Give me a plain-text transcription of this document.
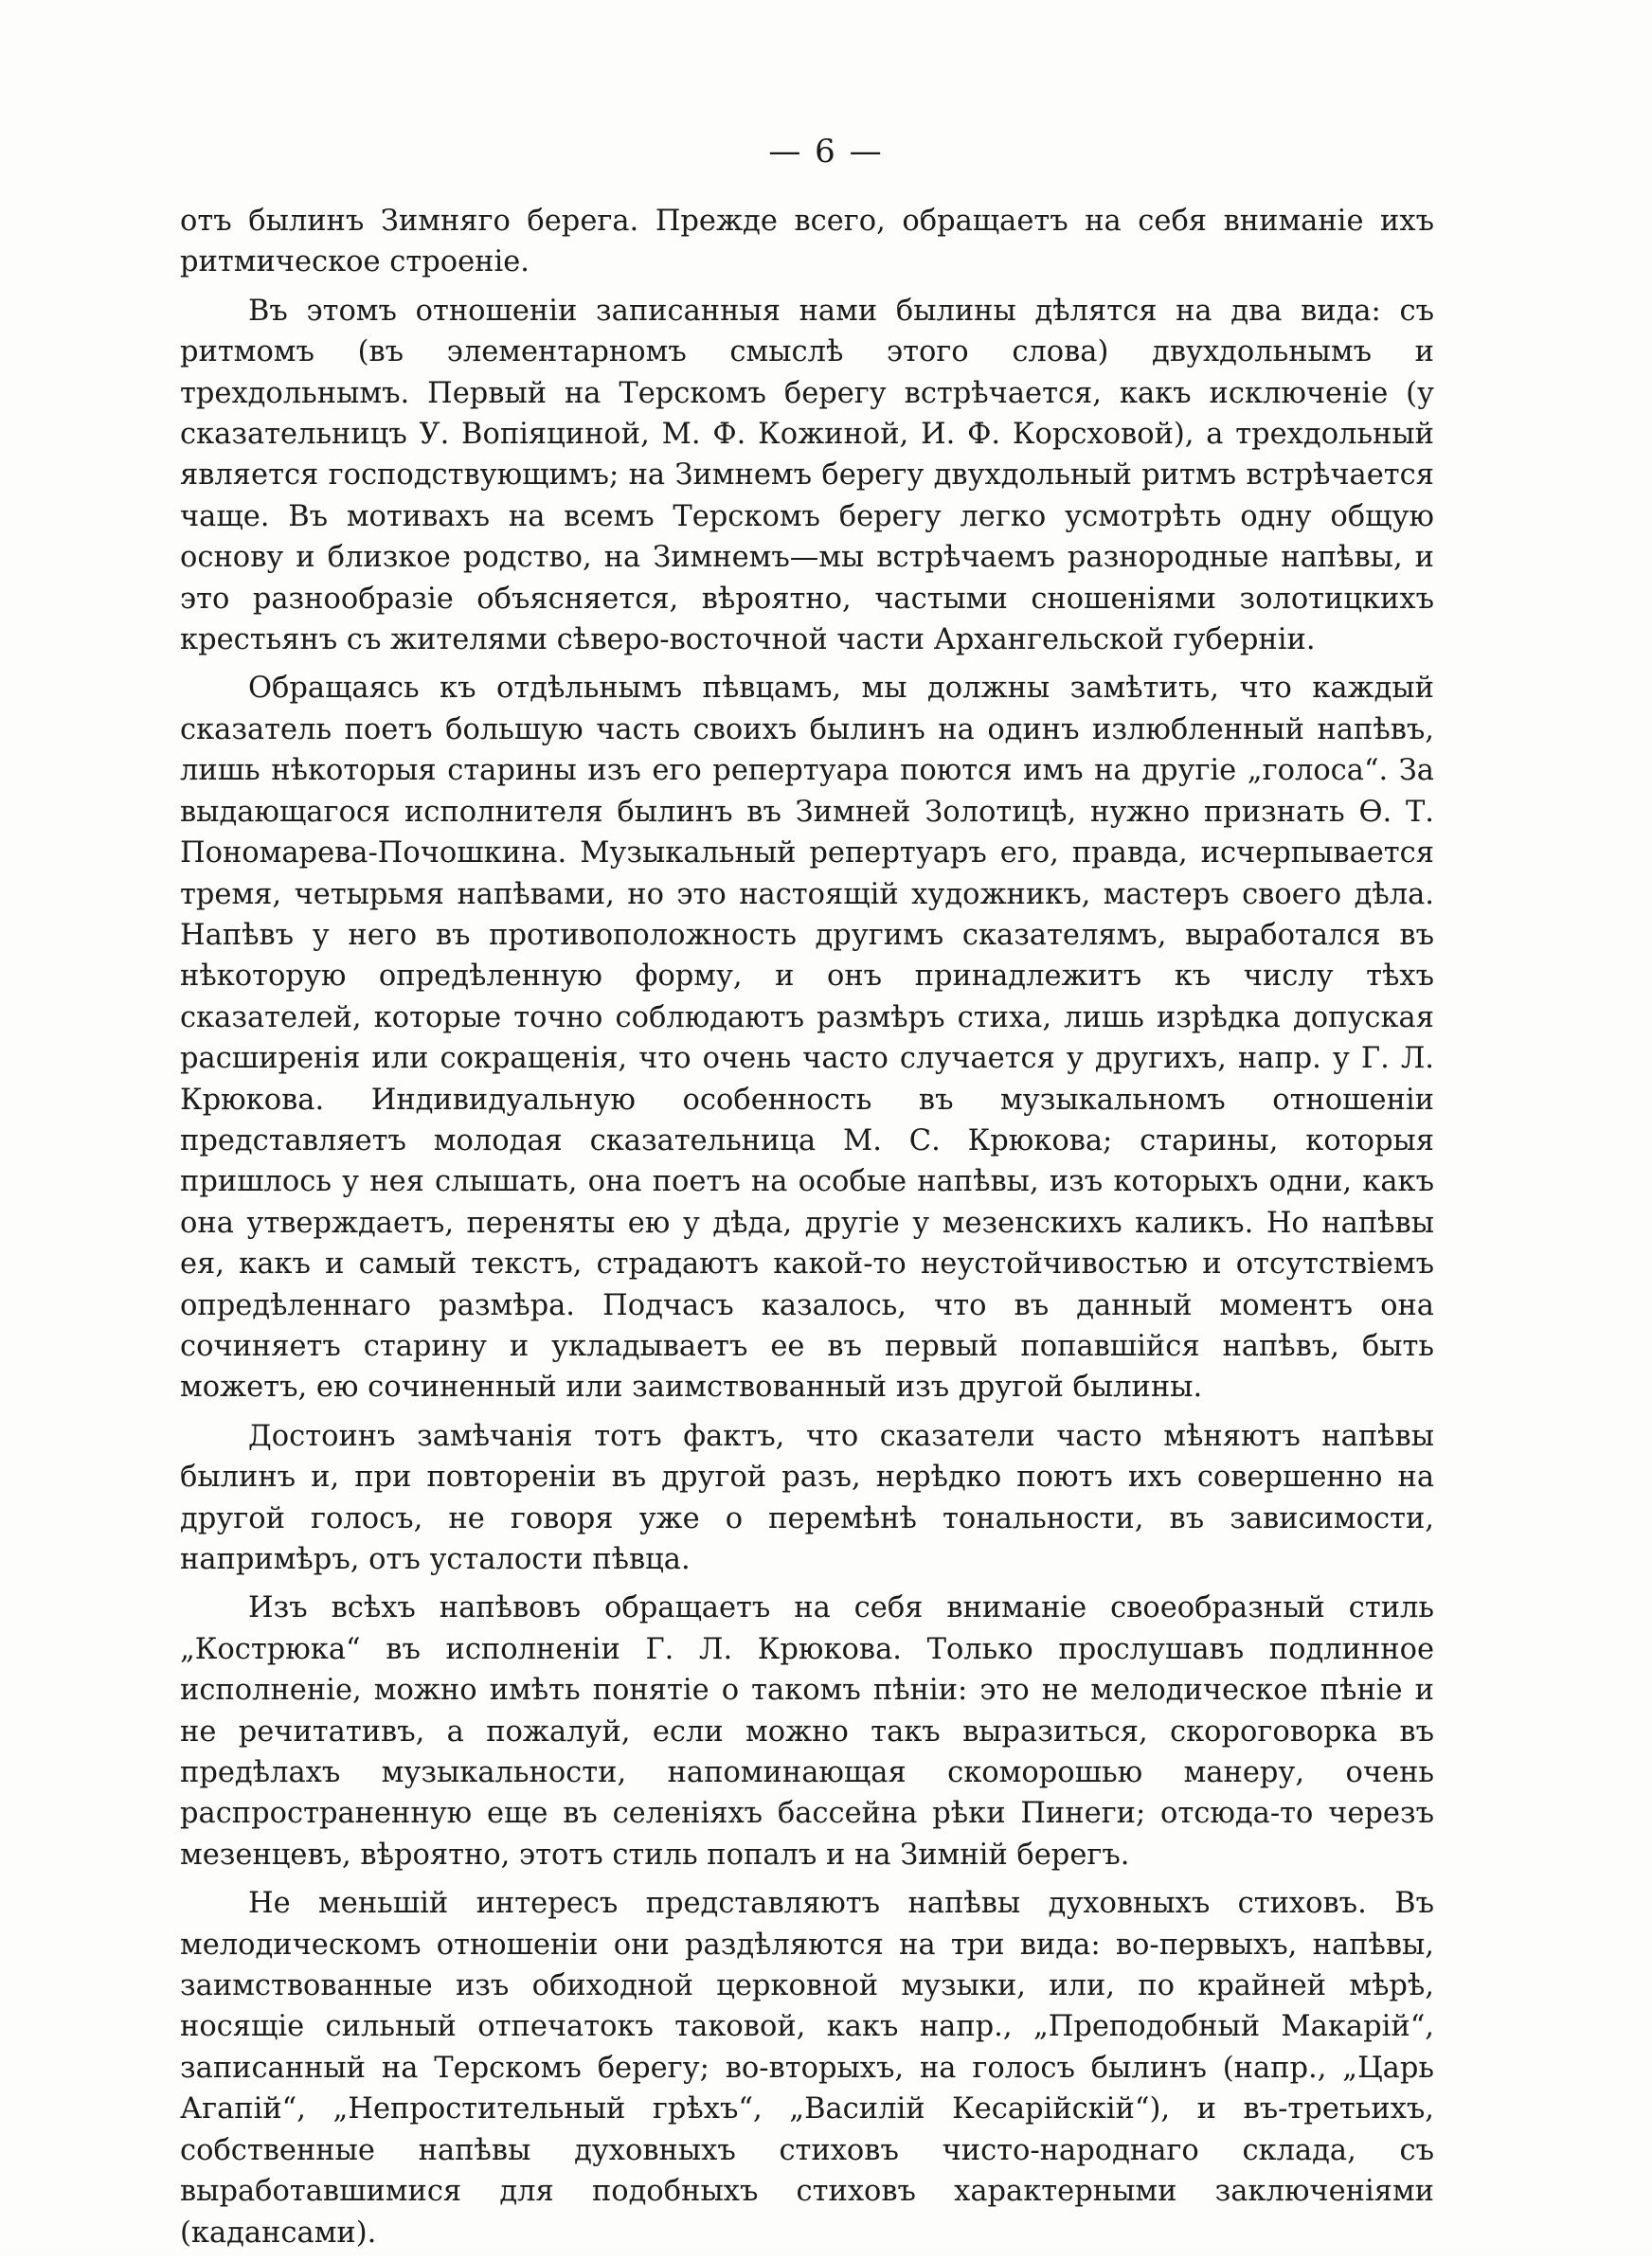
— 6 —

отъ былинъ Зимняго берега. Прежде всего, обращаетъ на себя вниманіе ихъ ритмическое строеніе.

Въ этомъ отношеніи записанныя нами былины дѣлятся на два вида: съ ритмомъ (въ элементарномъ смыслѣ этого слова) двухдольнымъ и трехдольнымъ. Первый на Терскомъ берегу встрѣчается, какъ исключеніе (у сказательницъ У. Вопіяциной, М. Ф. Кожиной, И. Ф. Корсховой), а трехдольный является господствующимъ; на Зимнемъ берегу двухдольный ритмъ встрѣчается чаще. Въ мотивахъ на всемъ Терскомъ берегу легко усмотрѣть одну общую основу и близкое родство, на Зимнемъ—мы встрѣчаемъ разнородные напѣвы, и это разнообразіе объясняется, вѣроятно, частыми сношеніями золотицкихъ крестьянъ съ жителями сѣверо-восточной части Архангельской губерніи.

Обращаясь къ отдѣльнымъ пѣвцамъ, мы должны замѣтить, что каждый сказатель поетъ большую часть своихъ былинъ на одинъ излюбленный напѣвъ, лишь нѣкоторыя старины изъ его репертуара поются имъ на другіе „голоса“. За выдающагося исполнителя былинъ въ Зимней Золотицѣ, нужно признать Ѳ. Т. Пономарева-Почошкина. Музыкальный репертуаръ его, правда, исчерпывается тремя, четырьмя напѣвами, но это настоящій художникъ, мастеръ своего дѣла. Напѣвъ у него въ противоположность другимъ сказателямъ, выработался въ нѣкоторую опредѣленную форму, и онъ принадлежитъ къ числу тѣхъ сказателей, которые точно соблюдаютъ размѣръ стиха, лишь изрѣдка допуская расширенія или сокращенія, что очень часто случается у другихъ, напр. у Г. Л. Крюкова. Индивидуальную особенность въ музыкальномъ отношеніи представляетъ молодая сказательница М. С. Крюкова; старины, которыя пришлось у нея слышать, она поетъ на особые напѣвы, изъ которыхъ одни, какъ она утверждаетъ, переняты ею у дѣда, другіе у мезенскихъ каликъ. Но напѣвы ея, какъ и самый текстъ, страдаютъ какой-то неустойчивостью и отсутствіемъ опредѣленнаго размѣра. Подчасъ казалось, что въ данный моментъ она сочиняетъ старину и укладываетъ ее въ первый попавшійся напѣвъ, быть можетъ, ею сочиненный или заимствованный изъ другой былины.

Достоинъ замѣчанія тотъ фактъ, что сказатели часто мѣняютъ напѣвы былинъ и, при повтореніи въ другой разъ, нерѣдко поютъ ихъ совершенно на другой голосъ, не говоря уже о перемѣнѣ тональности, въ зависимости, напримѣръ, отъ усталости пѣвца.

Изъ всѣхъ напѣвовъ обращаетъ на себя вниманіе своеобразный стиль „Кострюка“ въ исполненіи Г. Л. Крюкова. Только прослушавъ подлинное исполненіе, можно имѣть понятіе о такомъ пѣніи: это не мелодическое пѣніе и не речитативъ, а пожалуй, если можно такъ выразиться, скороговорка въ предѣлахъ музыкальности, напоминающая скоморошью манеру, очень распространенную еще въ селеніяхъ бассейна рѣки Пинеги; отсюда-то черезъ мезенцевъ, вѣроятно, этотъ стиль попалъ и на Зимній берегъ.

Не меньшій интересъ представляютъ напѣвы духовныхъ стиховъ. Въ мелодическомъ отношеніи они раздѣляются на три вида: во-первыхъ, напѣвы, заимствованные изъ обиходной церковной музыки, или, по крайней мѣрѣ, носящіе сильный отпечатокъ таковой, какъ напр., „Преподобный Макарій“, записанный на Терскомъ берегу; во-вторыхъ, на голосъ былинъ (напр., „Царь Агапій“, „Непростительный грѣхъ“, „Василій Кесарійскій“), и въ-третьихъ, собственные напѣвы духовныхъ стиховъ чисто-народнаго склада, съ выработавшимися для подобныхъ стиховъ характерными заключеніями (кадансами).
